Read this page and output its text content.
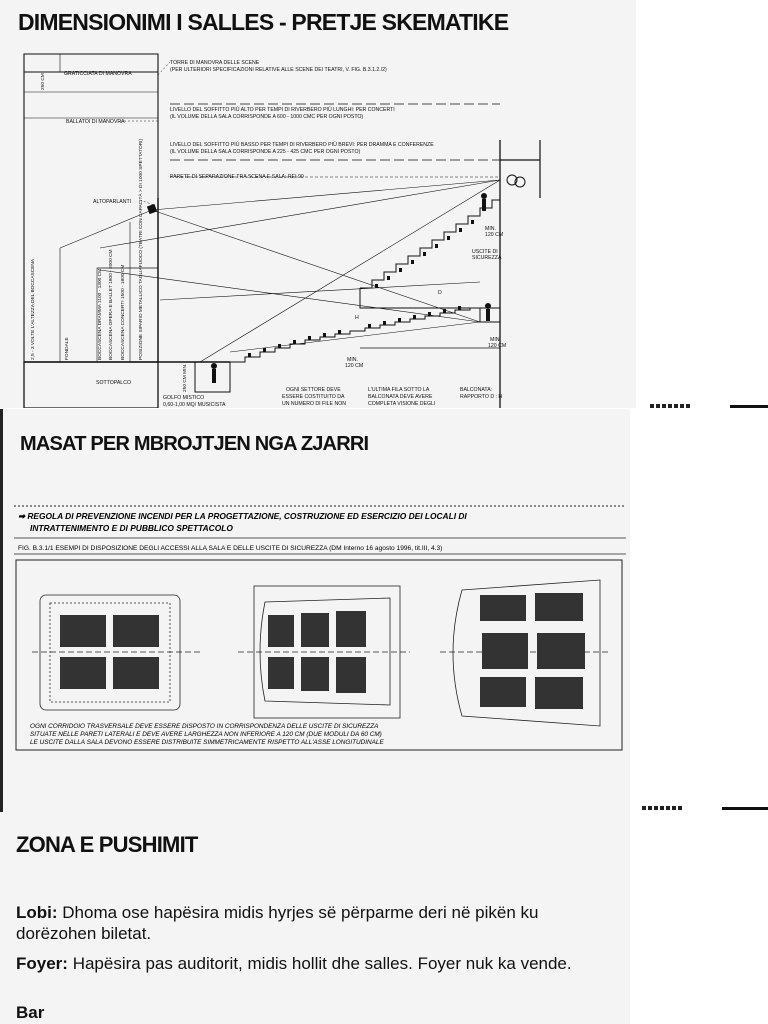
GRATICCIATA DI MANOVRA
BALLATOI DI MANOVRA
ALTOPARLANTI
TORRE DI MANOVRA DELLE SCENE
(PER ULTERIORI SPECIFICAZIONI RELATIVE ALLE SCENE DEI TEATRI, V. FIG. B.3.1.2./2)
LIVELLO DEL SOFFITTO PIÙ ALTO PER TEMPI DI RIVERBERO PIÙ LUNGHI: PER CONCERTI
(IL VOLUME DELLA SALA CORRISPONDE A 600 - 1000 CMC PER OGNI POSTO)
LIVELLO DEL SOFFITTO PIÙ BASSO PER TEMPI DI RIVERBERO PIÙ BREVI: PER DRAMMA E CONFERENZE
(IL VOLUME DELLA SALA CORRISPONDE A 225 - 425 CMC PER OGNI POSTO)
PARETE DI SEPARAZIONE TRA SCENA E SALA: REI 90
MIN.
120 CM
USCITE DI
SICUREZZA
MIN.
120 CM
MIN.
120 CM
D
H
SOTTOPALCO
GOLFO MISTICO
0,60-1,00 MQ/ MUSICISTA
OGNI SETTORE DEVE
ESSERE COSTITUITO DA
UN NUMERO DI FILE NON
L'ULTIMA FILA SOTTO LA
BALCONATA DEVE AVERE
COMPLETA VISIONE DEGLI
BALCONATA:
RAPPORTO D : H
2,5 - 3 VOLTE L'ALTEZZA DEL BOCCASCENA	FONDALE	BOCCASCENA DRAMMA 1100 - 1300 CM BOCCASCENA OPERA E BALLET 1800 - 2000 CM BOCCASCENA CONCERTI 1500 - 1800 CM	POSIZIONE SIPARIO METALLICO TAGLIAFUOCO (TEATRI CON CAPACITÀ > DI 1000 SPETTATORI)
250 CM
250 CM MIN.
DIMENSIONIMI I SALLES - PRETJE SKEMATIKE
MASAT PER MBROJTJEN NGA ZJARRI
➡ REGOLA DI PREVENZIONE INCENDI PER LA PROGETTAZIONE, COSTRUZIONE ED ESERCIZIO DEI LOCALI DI
INTRATTENIMENTO E DI PUBBLICO SPETTACOLO
FIG. B.3.1/1 ESEMPI DI DISPOSIZIONE DEGLI ACCESSI ALLA SALA E DELLE USCITE DI SICUREZZA (DM Interno 16 agosto 1996, tit.III, 4.3)
OGNI CORRIDOIO TRASVERSALE DEVE ESSERE DISPOSTO IN CORRISPONDENZA DELLE USCITE DI SICUREZZA
SITUATE NELLE PARETI LATERALI E DEVE AVERE LARGHEZZA NON INFERIORE A 120 CM (DUE MODULI DA 60 CM)
LE USCITE DALLA SALA DEVONO ESSERE DISTRIBUITE SIMMETRICAMENTE RISPETTO ALL'ASSE LONGITUDINALE
ZONA E PUSHIMIT

Lobi: Dhoma ose hapësira midis hyrjes së përparme deri në pikën ku dorëzohen biletat.

Foyer: Hapësira pas auditorit, midis hollit dhe salles. Foyer nuk ka vende.

Bar
